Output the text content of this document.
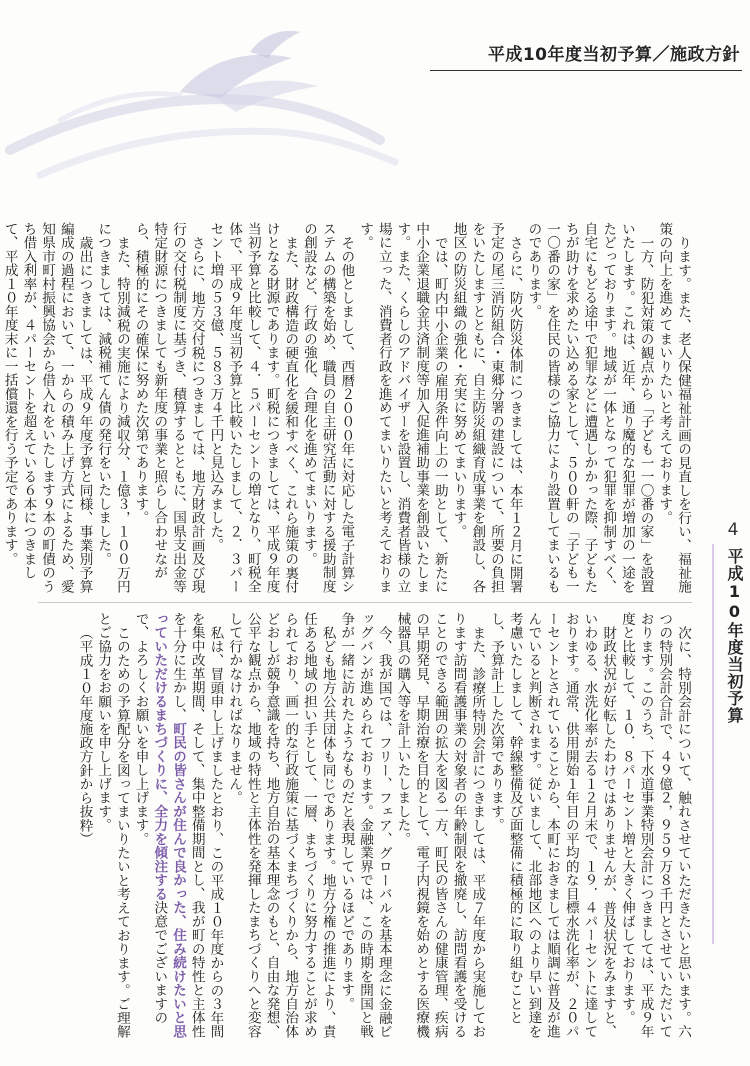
平成10年度当初予算／施政方針

ります。また、老人保健福祉計画の見直しを行い、福祉施策の向上を進めてまいりたいと考えております。

一方、防犯対策の観点から「子ども一一〇番の家」を設置いたします。これは、近年、通り魔的な犯罪が増加の一途をたどっております。地域が一体となって犯罪を抑制すべく、自宅にもどる途中で犯罪などに遭遇しかかった際、子どもたちが助けを求めたい込める家として、５００軒の「子ども一一〇番の家」を住民の皆様のご協力により設置してまいるものであります。

さらに、防火防災体制につきましては、本年１２月に開署予定の尾三消防組合・東郷分署の建設について、所要の負担をいたしますとともに、自主防災組織育成事業を創設し、各地区の防災組織の強化・充実に努めてまいります。

では、町内中小企業の雇用条件向上の一助として、新たに中小企業退職金共済制度等加入促進補助事業を創設いたします。また、くらしのアドバイザーを設置し、消費者皆様の立場に立った、消費者行政を進めてまいりたいと考えております。

その他としまして、西暦２０００年に対応した電子計算システムの構築を始め、職員の自主研究活動に対する援助制度の創設など、行政の強化、合理化を進めてまいります。

また、財政構造の硬直化を緩和すべく、これら施策の裏付けとなる財源であります。町税につきましては、平成９年度当初予算と比較して、４．５パーセントの増となり、町税全体で、平成９年度当初予算と比較いたしまして、２．３パーセント増の５３億、５８３万４千円と見込みました。

さらに、地方交付税につきましては、地方財政計画及び現行の交付税制度に基づき、積算するとともに、国県支出金等特定財源につきましても新年度の事業と照らし合わせながら、積極的にその確保に努めた次第であります。

また、特別減税の実施により減収分、１億３，１００万円につきましては、減税補てん債の発行をいたしました。

歳出につきましては、平成９年度予算と同様、事業別予算編成の過程において、一からの積み上げ方式によるため、愛知県市町村振興協会から借入れをいたします９本の町債のうち借入利率が、４パーセントを超えている６本につきまして、平成１０年度末に一括償還を行う予定であります。

次に、特別会計について、触れさせていただきたいと思います。六つの特別会計合計で、４９億２，９５９万８千円とさせていただいております。このうち、下水道事業特別会計につきましては、平成９年度と比較して、１０．８パーセント増と大きく伸ばしております。

財政状況が好転したわけではありませんが、普及状況をみますと、いわゆる、水洗化率が去る１２月末で、１９．４パーセントに達しております。通常、供用開始１年目の平均的な目標水洗化率が、２０パーセントとされていることから、本町におきましては順調に普及が進んでいると判断されます。従いまして、北部地区へのより早い到達を考慮いたしまして、幹線整備及び面整備に積極的に取り組むこととし、予算計上した次第であります。

また、診療所特別会計につきましては、平成７年度から実施しております訪問看護事業の対象者の年齢制限を撤廃し、訪問看護を受けることのできる範囲の拡大を図る一方、町民の皆さんの健康管理、疾病の早期発見、早期治療を目的として、電子内視鏡を始めとする医療機械器具の購入等を計上いたしました。

今、我が国では、フリー、フェア、グローバルを基本理念に金融ビッグバンが進められております。金融業界では、この時期を開国と戦争が一緒に訪れたようなものだと表現しているほどであります。

私ども地方公共団体も同じであります。地方分権の推進により、責任ある地域の担い手として、一層、まちづくりに努力することが求められており、画一的な行政施策に基づくまちづくりから、地方自治体どおしが競争意識を持ち、地方自治の基本理念のもと、自由な発想、公平な観点から、地域の特性と主体性を発揮したまちづくりへと変容して行かなければなりません。

私は、冒頭申し上げましたとおり、この平成１０年度からの３年間を集中改革期間、そして、集中整備期間とし、我が町の特性と主体性を十分に生かし、町民の皆さんが住んで良かった、住み続けたいと思っていただけるまちづくりに、全力を傾注する決意でございますので、よろしくお願いを申し上げます。

このための予算配分を図ってまいりたいと考えております。ご理解とご協力をお願いを申し上げます。

（平成１０年度施政方針から抜粋）

4
平成10年度当初予算
